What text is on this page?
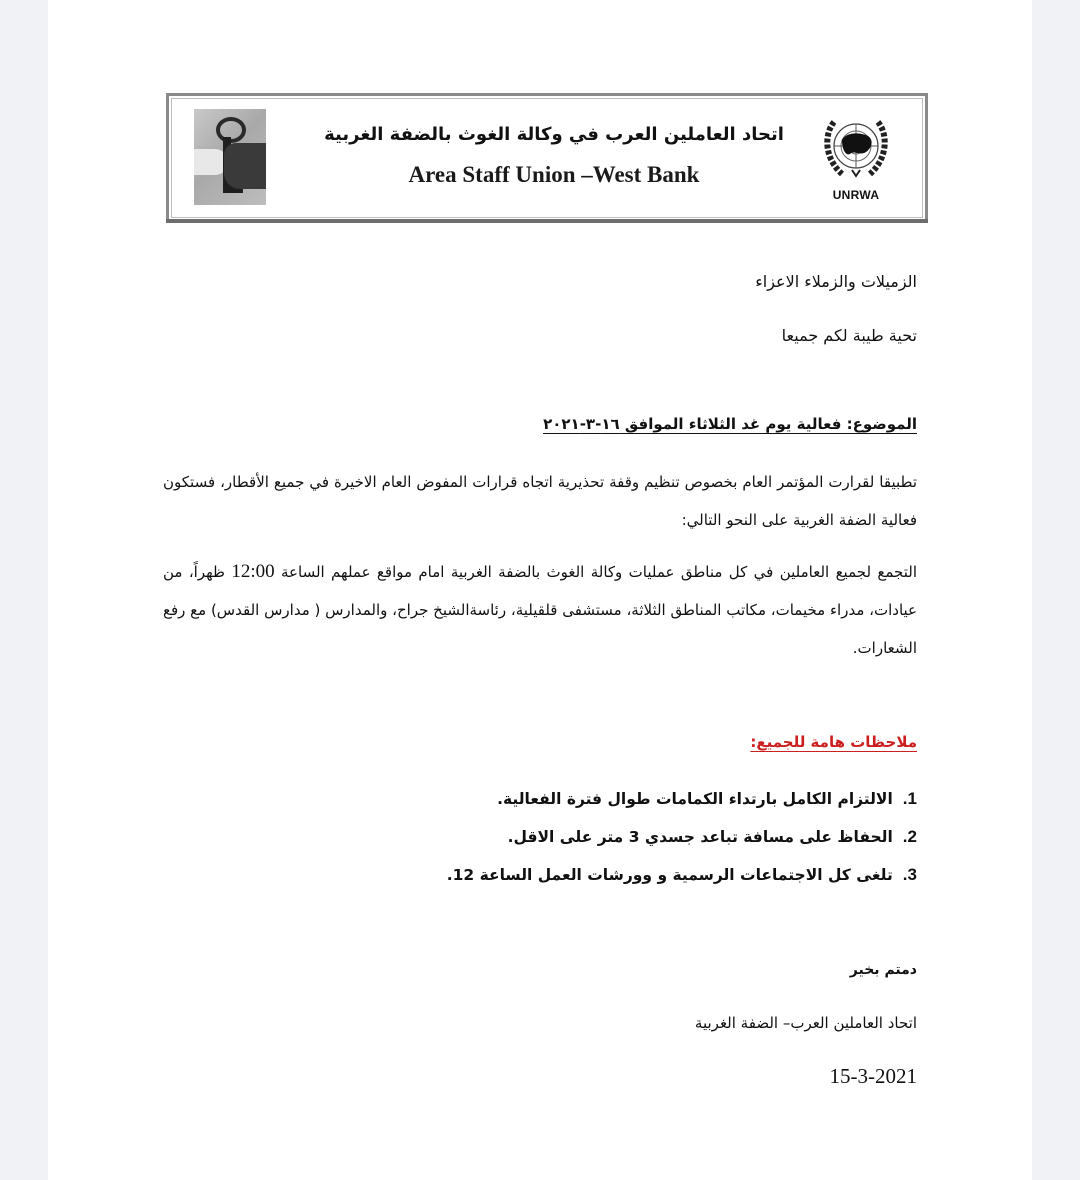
اتحاد العاملين العرب في وكالة الغوث بالضفة الغربية
Area Staff Union –West Bank
UNRWA
الزميلات والزملاء الاعزاء
تحية طيبة لكم جميعا
الموضوع: فعالية يوم غد الثلاثاء الموافق ١٦-٣-٢٠٢١
تطبيقا لقرارت المؤتمر العام بخصوص تنظيم وقفة تحذيرية اتجاه قرارات المفوض العام الاخيرة في جميع الأقطار، فستكون فعالية الضفة الغربية على النحو التالي:
التجمع لجميع العاملين في كل مناطق عمليات وكالة الغوث بالضفة الغربية امام مواقع عملهم الساعة 12:00 ظهراً، من عيادات، مدراء مخيمات، مكاتب المناطق الثلاثة، مستشفى قلقيلية، رئاسةالشيخ جراح، والمدارس ( مدارس القدس) مع رفع الشعارات.
ملاحظات هامة للجميع:
1.الالتزام الكامل بارتداء الكمامات طوال فترة الفعالية.
2.الحفاظ على مسافة تباعد جسدي 3 متر على الاقل.
3.تلغى كل الاجتماعات الرسمية و وورشات العمل الساعة 12.
دمتم بخير
اتحاد العاملين العرب– الضفة الغربية
15-3-2021
